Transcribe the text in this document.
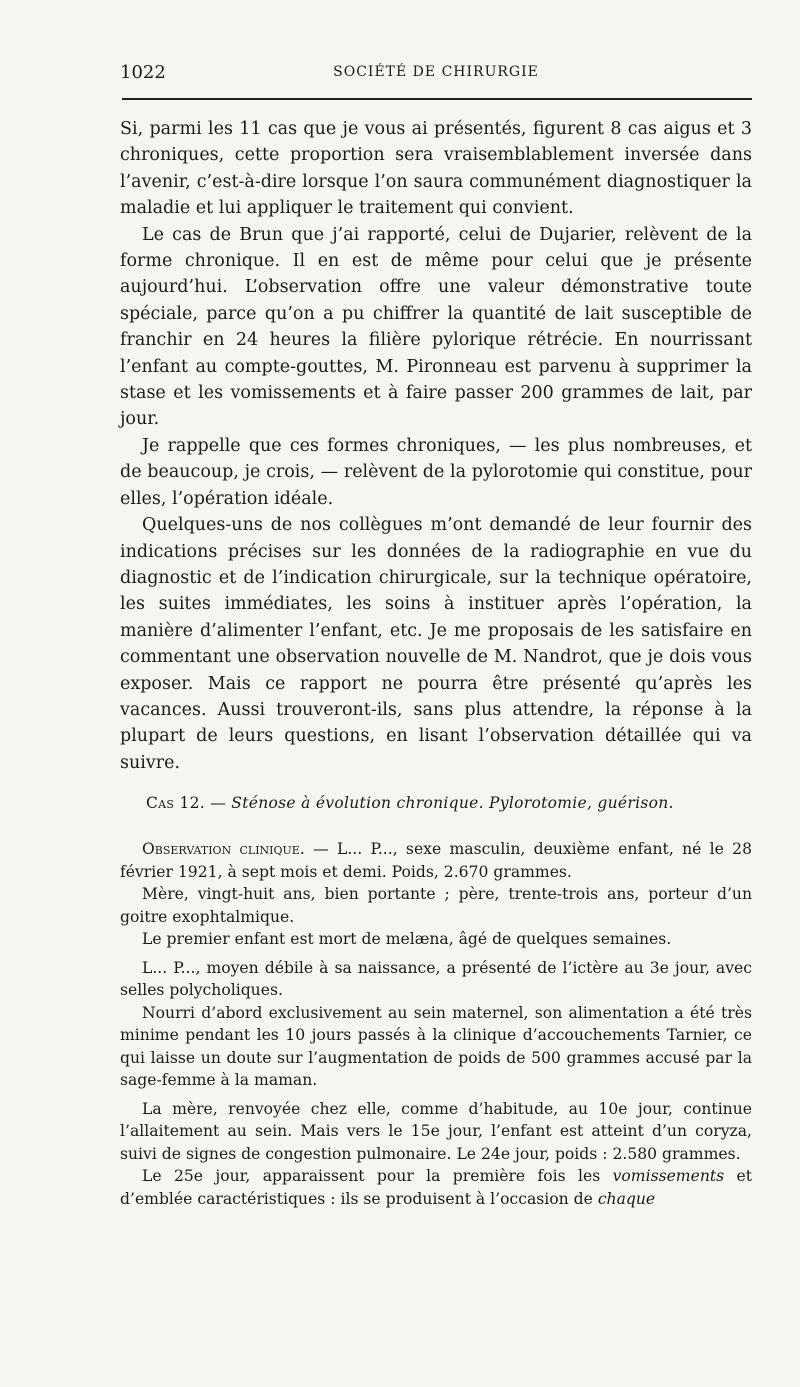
1022	SOCIÉTÉ DE CHIRURGIE

Si, parmi les 11 cas que je vous ai présentés, figurent 8 cas aigus et 3 chroniques, cette proportion sera vraisemblablement inversée dans l’avenir, c’est-à-dire lorsque l’on saura communément diagnostiquer la maladie et lui appliquer le traitement qui convient.

Le cas de Brun que j’ai rapporté, celui de Dujarier, relèvent de la forme chronique. Il en est de même pour celui que je présente aujourd’hui. L’observation offre une valeur démonstrative toute spéciale, parce qu’on a pu chiffrer la quantité de lait susceptible de franchir en 24 heures la filière pylorique rétrécie. En nourrissant l’enfant au compte-gouttes, M. Pironneau est parvenu à supprimer la stase et les vomissements et à faire passer 200 grammes de lait, par jour.

Je rappelle que ces formes chroniques, — les plus nombreuses, et de beaucoup, je crois, — relèvent de la pylorotomie qui constitue, pour elles, l’opération idéale.

Quelques-uns de nos collègues m’ont demandé de leur fournir des indications précises sur les données de la radiographie en vue du diagnostic et de l’indication chirurgicale, sur la technique opératoire, les suites immédiates, les soins à instituer après l’opération, la manière d’alimenter l’enfant, etc. Je me proposais de les satisfaire en commentant une observation nouvelle de M. Nandrot, que je dois vous exposer. Mais ce rapport ne pourra être présenté qu’après les vacances. Aussi trouveront-ils, sans plus attendre, la réponse à la plupart de leurs questions, en lisant l’observation détaillée qui va suivre.

Cas 12. — Sténose à évolution chronique. Pylorotomie, guérison.

Observation clinique. — L... P..., sexe masculin, deuxième enfant, né le 28 février 1921, à sept mois et demi. Poids, 2.670 grammes.

Mère, vingt-huit ans, bien portante ; père, trente-trois ans, porteur d’un goitre exophtalmique.

Le premier enfant est mort de melæna, âgé de quelques semaines.

L... P..., moyen débile à sa naissance, a présenté de l’ictère au 3e jour, avec selles polycholiques.

Nourri d’abord exclusivement au sein maternel, son alimentation a été très minime pendant les 10 jours passés à la clinique d’accouchements Tarnier, ce qui laisse un doute sur l’augmentation de poids de 500 grammes accusé par la sage-femme à la maman.

La mère, renvoyée chez elle, comme d’habitude, au 10e jour, continue l’allaitement au sein. Mais vers le 15e jour, l’enfant est atteint d’un coryza, suivi de signes de congestion pulmonaire. Le 24e jour, poids : 2.580 grammes.

Le 25e jour, apparaissent pour la première fois les vomissements et d’emblée caractéristiques : ils se produisent à l’occasion de chaque
